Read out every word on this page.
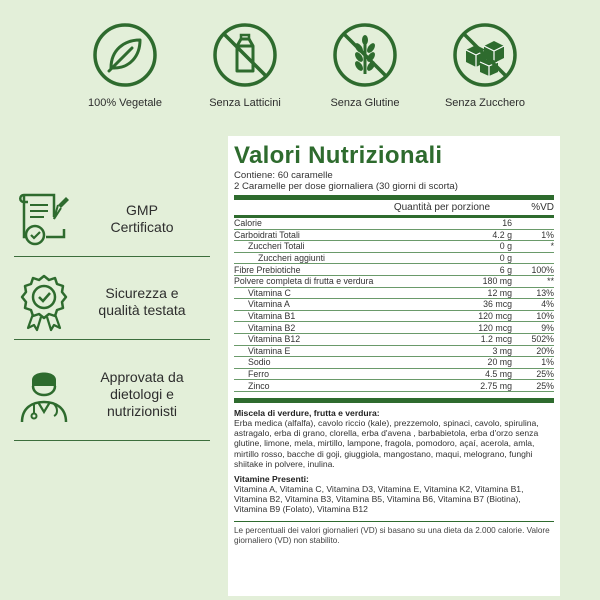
100% Vegetale	Senza Latticini	Senza Glutine	Senza Zucchero
GMP
Certificato
Sicurezza e
qualità testata
Approvata da
dietologi e
nutrizionisti
Valori Nutrizionali
Contiene: 60 caramelle
2 Caramelle per dose giornaliera (30 giorni di scorta)
Quantità per porzione	%VD
Calorie	16
Carboidrati Totali	4.2 g	1%
Zuccheri Totali	0 g	*
Zuccheri aggiunti	0 g
Fibre Prebiotiche	6 g	100%
Polvere completa di frutta e verdura	180 mg	**
Vitamina C	12 mg	13%
Vitamina A	36 mcg	4%
Vitamina B1	120 mcg	10%
Vitamina B2	120 mcg	9%
Vitamina B12	1.2 mcg	502%
Vitamina E	3 mg	20%
Sodio	20 mg	1%
Ferro	4.5 mg	25%
Zinco	2.75 mg	25%
Miscela di verdure, frutta e verdura:
Erba medica (alfalfa), cavolo riccio (kale), prezzemolo, spinaci, cavolo, spirulina, astragalo, erba di grano, clorella, erba d'avena , barbabietola, erba d'orzo senza glutine, limone, mela, mirtillo, lampone, fragola, pomodoro, açaí, acerola, amla, mirtillo rosso, bacche di goji, giuggiola, mangostano, maqui, melograno, funghi shiitake in polvere, inulina.
Vitamine Presenti:
Vitamina A, Vitamina C, Vitamina D3, Vitamina E, Vitamina K2, Vitamina B1, Vitamina B2, Vitamina B3, Vitamina B5, Vitamina B6, Vitamina B7 (Biotina), Vitamina B9 (Folato), Vitamina B12
Le percentuali dei valori giornalieri (VD) si basano su una dieta da 2.000 calorie. Valore giornaliero (VD) non stabilito.
